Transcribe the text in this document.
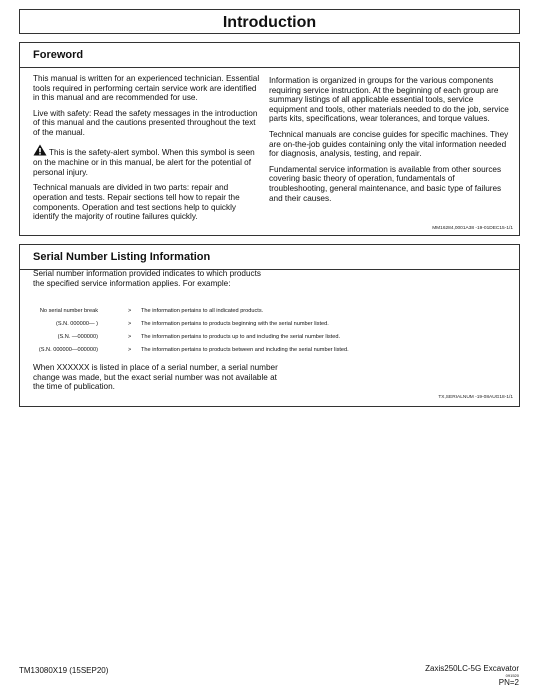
Introduction
Foreword

This manual is written for an experienced technician. Essential tools required in performing certain service work are identified in this manual and are recommended for use.

Live with safety: Read the safety messages in the introduction of this manual and the cautions presented throughout the text of the manual.

This is the safety-alert symbol. When this symbol is seen on the machine or in this manual, be alert for the potential of personal injury.

Technical manuals are divided in two parts: repair and operation and tests. Repair sections tell how to repair the components. Operation and test sections help to quickly identify the majority of routine failures quickly.

Information is organized in groups for the various components requiring service instruction. At the beginning of each group are summary listings of all applicable essential tools, service equipment and tools, other materials needed to do the job, service parts kits, specifications, wear tolerances, and torque values.

Technical manuals are concise guides for specific machines. They are on-the-job guides containing only the vital information needed for diagnosis, analysis, testing, and repair.

Fundamental service information is available from other sources covering basic theory of operation, fundamentals of troubleshooting, general maintenance, and basic type of failures and their causes.

MM16284,0001A38 -19-01DEC15-1/1
Serial Number Listing Information
Serial number information provided indicates to which products the specified service information applies. For example:
No serial number break	> The information pertains to all indicated products.
(S.N. 000000— )	> The information pertains to products beginning with the serial number listed.
(S.N. —000000)	> The information pertains to products up to and including the serial number listed.
(S.N. 000000—000000)	> The information pertains to products between and including the serial number listed.
When XXXXXX is listed in place of a serial number, a serial number change was made, but the exact serial number was not available at the time of publication.
TX,SERIALNUM -19-08AUG18-1/1
TM13080X19 (15SEP20)	Zaxis250LC-5G Excavator
091520
PN=2
